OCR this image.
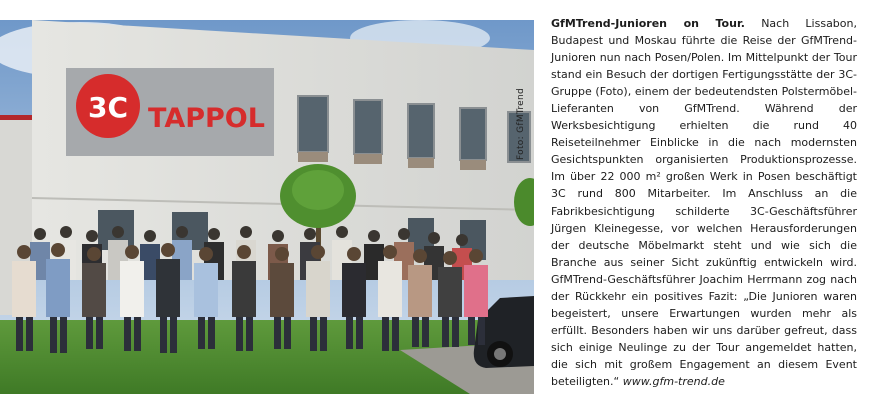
3C TAPPOL	Foto: GfMTrend

GfMTrend-Junioren on Tour. Nach Lissabon, Budapest und Moskau führte die Reise der GfMTrend-Junioren nun nach Posen/Polen. Im Mittelpunkt der Tour stand ein Besuch der dortigen Fertigungsstätte der 3C-Gruppe (Foto), einem der bedeutendsten Polstermöbel-Lieferanten von GfMTrend. Während der Werksbesichtigung erhielten die rund 40 Reiseteilnehmer Einblicke in die nach modernsten Gesichtspunkten organisierten Produktionsprozesse. Im über 22 000 m² großen Werk in Posen beschäftigt 3C rund 800 Mitarbeiter. Im Anschluss an die Fabrikbesichtigung schilderte 3C-Geschäftsführer Jürgen Kleinegesse, vor welchen Herausforderungen der deutsche Möbelmarkt steht und wie sich die Branche aus seiner Sicht zukünftig entwickeln wird. GfMTrend-Geschäftsführer Joachim Herrmann zog nach der Rückkehr ein positives Fazit: „Die Junioren waren begeistert, unsere Erwartungen wurden mehr als erfüllt. Besonders haben wir uns darüber gefreut, dass sich einige Neulinge zu der Tour angemeldet hatten, die sich mit großem Engagement an diesem Event beteiligten.“ www.gfm-trend.de
